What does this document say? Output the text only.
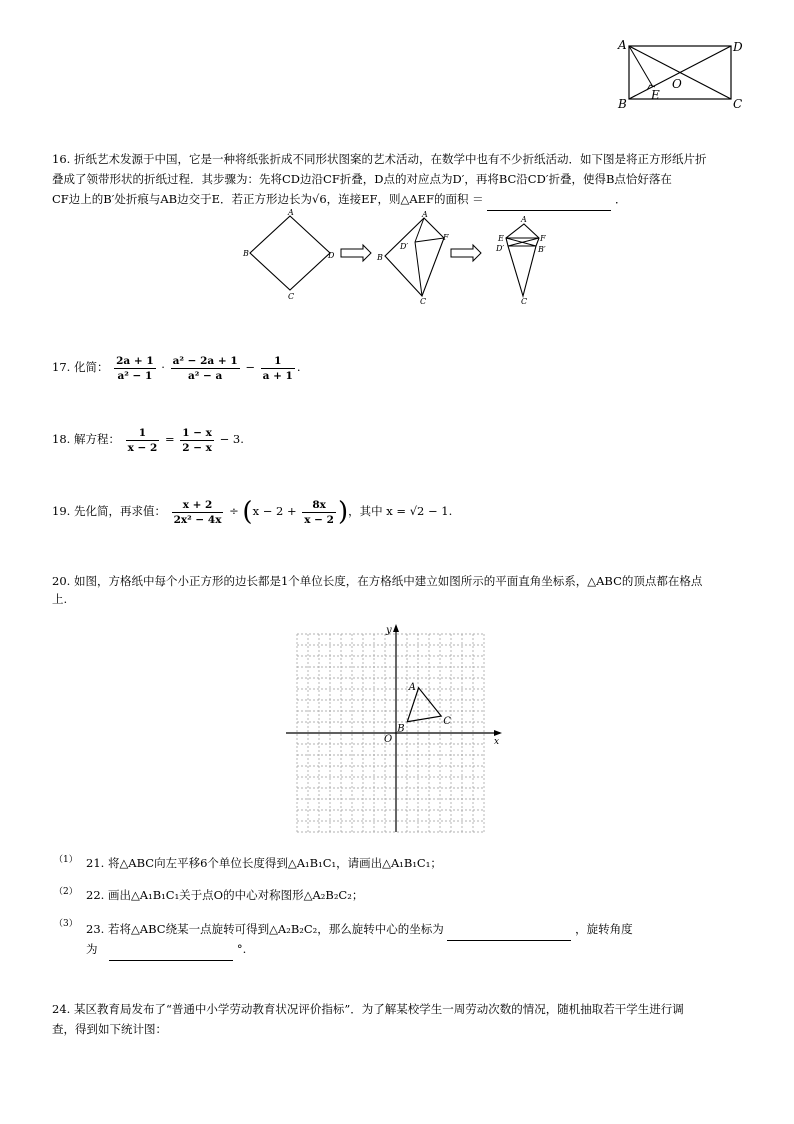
A	D
O
E
B	C
16. 折纸艺术发源于中国，它是一种将纸张折成不同形状图案的艺术活动，在数学中也有不少折纸活动．如下图是将正方形纸片折
叠成了领带形状的折纸过程．其步骤为：先将CD边沿CF折叠，D点的对应点为D′，再将BC沿CD′折叠，使得B点恰好落在
CF边上的B′处折痕与AB边交于E．若正方形边长为√6，连接EF，则△AEF的面积 ＝	．
A
B	D
C
A
D′
F
B
C
A
E	F
D′	B′
C
17. 化简： $\frac{2a + 1}{\text{a² − 1}} \cdot \frac{\text{a² − 2a + 1}}{\text{a² − a}} - \frac{1}{a + 1}$ .
18. 解方程： $\frac{1}{x - 2} = \frac{1 - x}{2 - x} - 3$.
19. 先化简，再求值： $\frac{x + 2}{\text{2x² − 4x}} \div (x - 2 + \frac{8x}{x - 2}$ )，其中 x = √2 − 1.
20. 如图，方格纸中每个小正方形的边长都是1个单位长度，在方格纸中建立如图所示的平面直角坐标系，△ABC的顶点都在格点
上.
y
x
O
A
B
C
（1） 21. 将△ABC向左平移6个单位长度得到△A₁B₁C₁，请画出△A₁B₁C₁；
（2） 22. 画出△A₁B₁C₁关于点O的中心对称图形△A₂B₂C₂；
（3） 23. 若将△ABC绕某一点旋转可得到△A₂B₂C₂，那么旋转中心的坐标为	，旋转角度
为	°.
24. 某区教育局发布了“普通中小学劳动教育状况评价指标”．为了解某校学生一周劳动次数的情况，随机抽取若干学生进行调
查，得到如下统计图：
